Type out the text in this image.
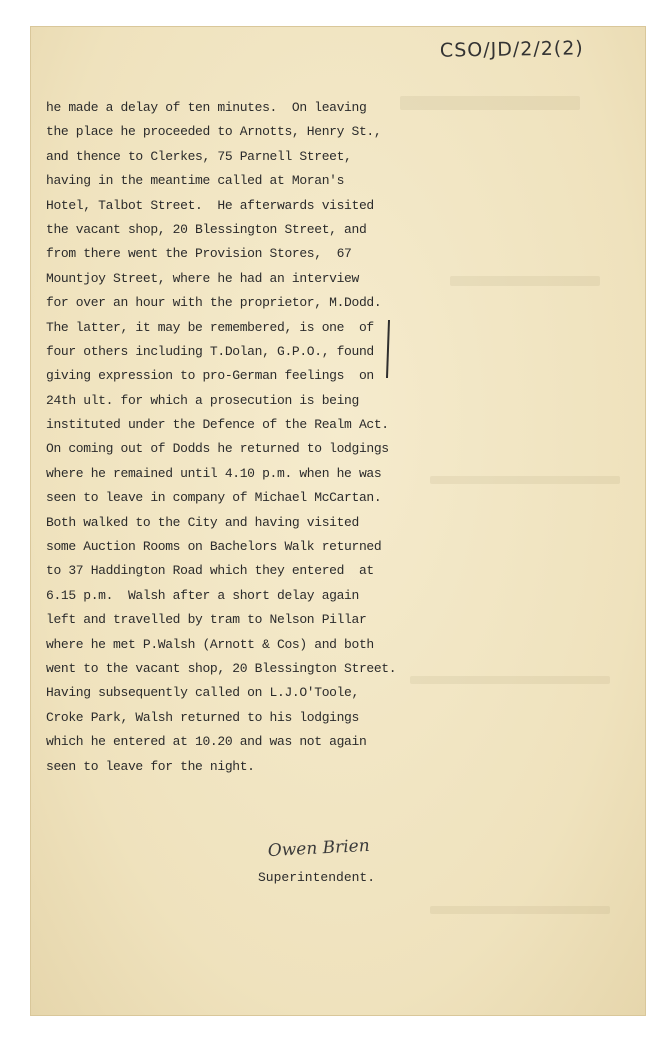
CSO/JD/2/2(2)
he made a delay of ten minutes.  On leaving
the place he proceeded to Arnotts, Henry St.,
and thence to Clerkes, 75 Parnell Street,
having in the meantime called at Moran's
Hotel, Talbot Street.  He afterwards visited
the vacant shop, 20 Blessington Street, and
from there went the Provision Stores,  67
Mountjoy Street, where he had an interview
for over an hour with the proprietor, M.Dodd.
The latter, it may be remembered, is one  of
four others including T.Dolan, G.P.O., found
giving expression to pro-German feelings  on
24th ult. for which a prosecution is being
instituted under the Defence of the Realm Act.
On coming out of Dodds he returned to lodgings
where he remained until 4.10 p.m. when he was
seen to leave in company of Michael McCartan.
Both walked to the City and having visited
some Auction Rooms on Bachelors Walk returned
to 37 Haddington Road which they entered  at
6.15 p.m.  Walsh after a short delay again
left and travelled by tram to Nelson Pillar
where he met P.Walsh (Arnott & Cos) and both
went to the vacant shop, 20 Blessington Street.
Having subsequently called on L.J.O'Toole,
Croke Park, Walsh returned to his lodgings
which he entered at 10.20 and was not again
seen to leave for the night.
Owen Brien
Superintendent.
